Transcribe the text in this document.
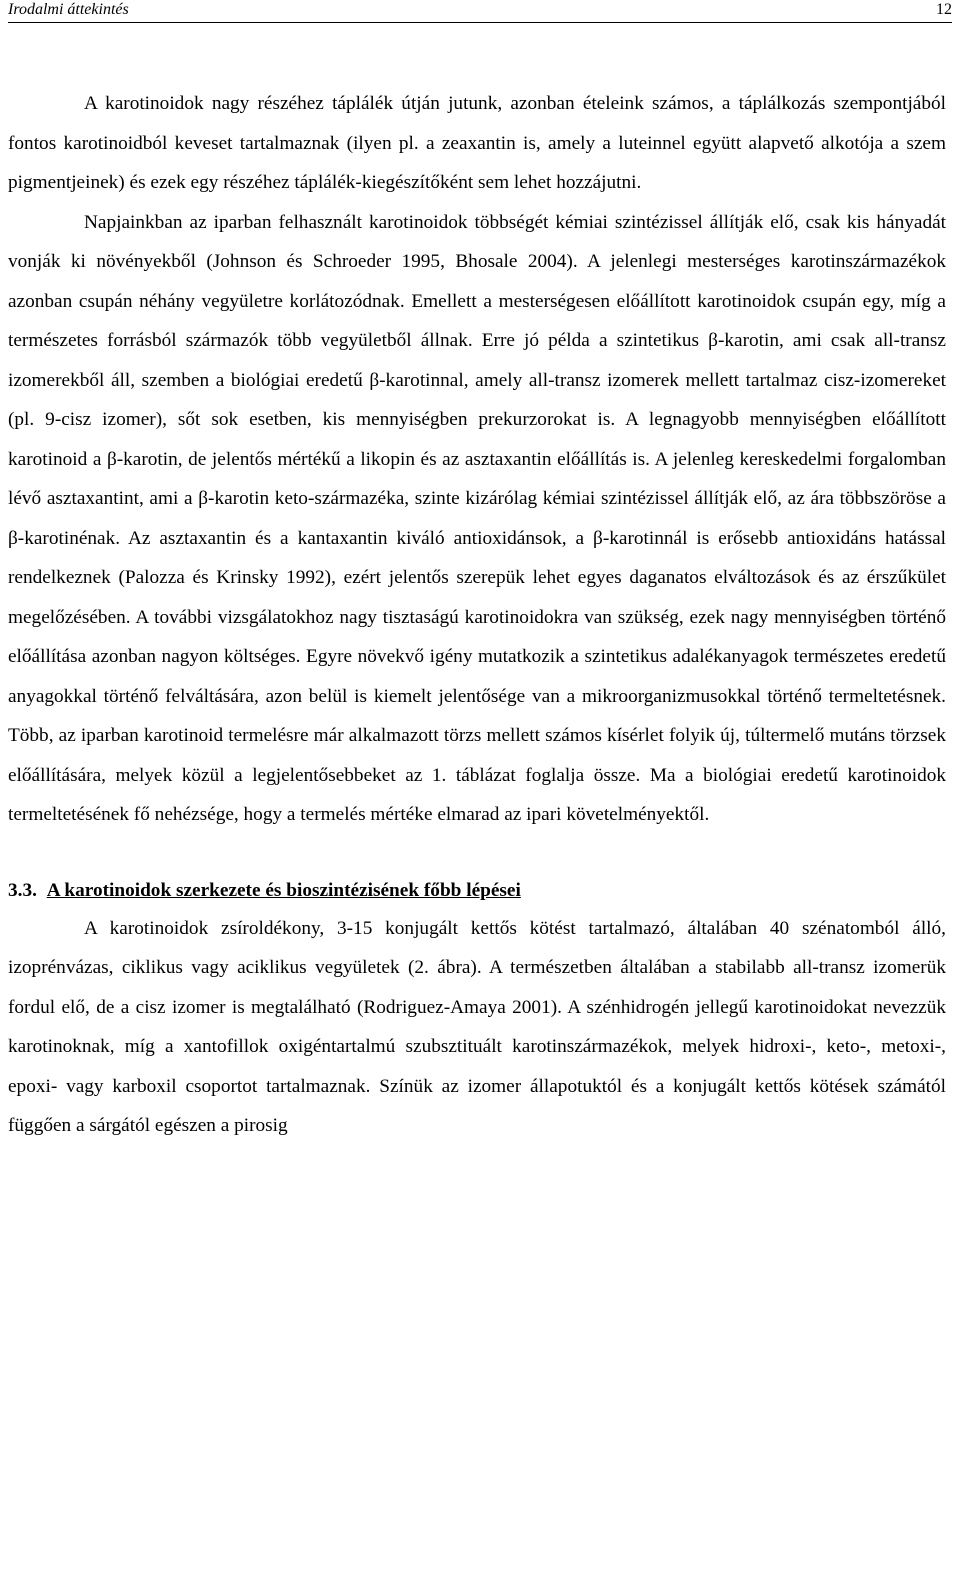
Irodalmi áttekintés	12

A karotinoidok nagy részéhez táplálék útján jutunk, azonban ételeink számos, a táplálkozás szempontjából fontos karotinoidból keveset tartalmaznak (ilyen pl. a zeaxantin is, amely a luteinnel együtt alapvető alkotója a szem pigmentjeinek) és ezek egy részéhez táplálék-kiegészítőként sem lehet hozzájutni.

Napjainkban az iparban felhasznált karotinoidok többségét kémiai szintézissel állítják elő, csak kis hányadát vonják ki növényekből (Johnson és Schroeder 1995, Bhosale 2004). A jelenlegi mesterséges karotinszármazékok azonban csupán néhány vegyületre korlátozódnak. Emellett a mesterségesen előállított karotinoidok csupán egy, míg a természetes forrásból származók több vegyületből állnak. Erre jó példa a szintetikus β-karotin, ami csak all-transz izomerekből áll, szemben a biológiai eredetű β-karotinnal, amely all-transz izomerek mellett tartalmaz cisz-izomereket (pl. 9-cisz izomer), sőt sok esetben, kis mennyiségben prekurzorokat is. A legnagyobb mennyiségben előállított karotinoid a β-karotin, de jelentős mértékű a likopin és az asztaxantin előállítás is. A jelenleg kereskedelmi forgalomban lévő asztaxantint, ami a β-karotin keto-származéka, szinte kizárólag kémiai szintézissel állítják elő, az ára többszöröse a β-karotinénak. Az asztaxantin és a kantaxantin kiváló antioxidánsok, a β-karotinnál is erősebb antioxidáns hatással rendelkeznek (Palozza és Krinsky 1992), ezért jelentős szerepük lehet egyes daganatos elváltozások és az érszűkület megelőzésében. A további vizsgálatokhoz nagy tisztaságú karotinoidokra van szükség, ezek nagy mennyiségben történő előállítása azonban nagyon költséges. Egyre növekvő igény mutatkozik a szintetikus adalékanyagok természetes eredetű anyagokkal történő felváltására, azon belül is kiemelt jelentősége van a mikroorganizmusokkal történő termeltetésnek. Több, az iparban karotinoid termelésre már alkalmazott törzs mellett számos kísérlet folyik új, túltermelő mutáns törzsek előállítására, melyek közül a legjelentősebbeket az 1. táblázat foglalja össze. Ma a biológiai eredetű karotinoidok termeltetésének fő nehézsége, hogy a termelés mértéke elmarad az ipari követelményektől.

3.3. A karotinoidok szerkezete és bioszintézisének főbb lépései

A karotinoidok zsíroldékony, 3-15 konjugált kettős kötést tartalmazó, általában 40 szénatomból álló, izoprénvázas, ciklikus vagy aciklikus vegyületek (2. ábra). A természetben általában a stabilabb all-transz izomerük fordul elő, de a cisz izomer is megtalálható (Rodriguez-Amaya 2001). A szénhidrogén jellegű karotinoidokat nevezzük karotinoknak, míg a xantofillok oxigéntartalmú szubsztituált karotinszármazékok, melyek hidroxi-, keto-, metoxi-, epoxi- vagy karboxil csoportot tartalmaznak. Színük az izomer állapotuktól és a konjugált kettős kötések számától függően a sárgától egészen a pirosig
